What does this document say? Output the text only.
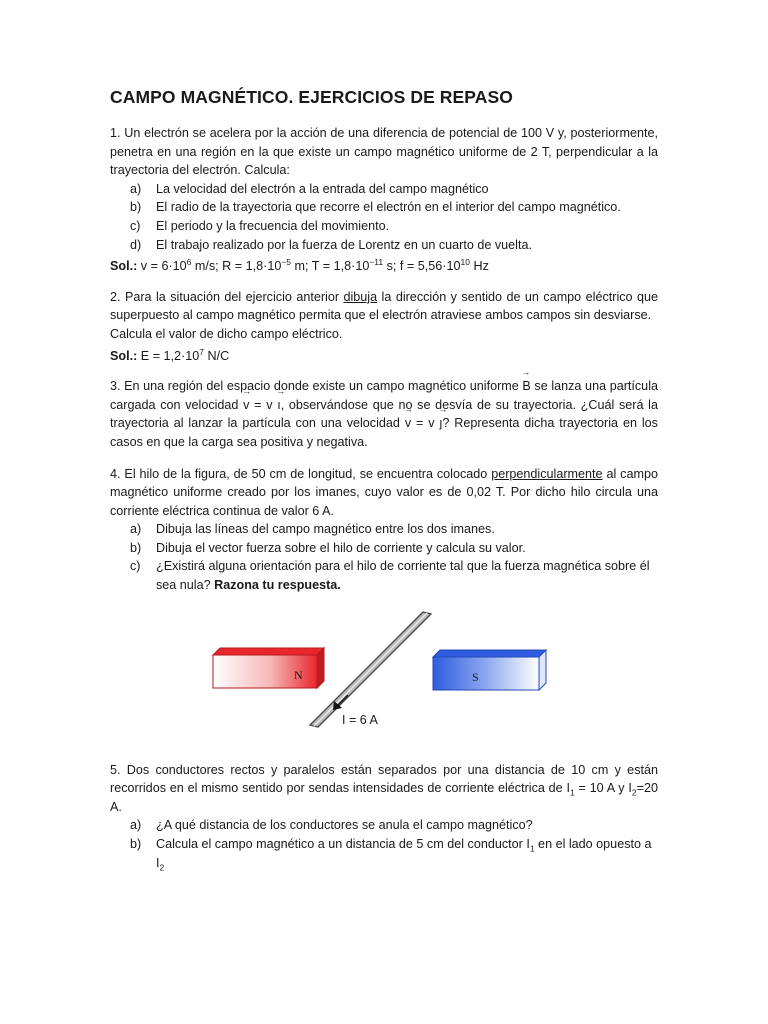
CAMPO MAGNÉTICO. EJERCICIOS DE REPASO

1. Un electrón se acelera por la acción de una diferencia de potencial de 100 V y, posteriormente, penetra en una región en la que existe un campo magnético uniforme de 2 T, perpendicular a la trayectoria del electrón. Calcula:

a) La velocidad del electrón a la entrada del campo magnético
b) El radio de la trayectoria que recorre el electrón en el interior del campo magnético.
c) El periodo y la frecuencia del movimiento.
d) El trabajo realizado por la fuerza de Lorentz en un cuarto de vuelta.

Sol.: $v = 6\cdot 10^6$ m/s; $R = 1,8\cdot 10^{-5}$ m; $T = 1,8\cdot 10^{-11}$ s; $f = 5,56\cdot 10^{10}$ Hz

2. Para la situación del ejercicio anterior dibuja la dirección y sentido de un campo eléctrico que superpuesto al campo magnético permita que el electrón atraviese ambos campos sin desviarse.

Calcula el valor de dicho campo eléctrico.

Sol.: $E = 1,2\cdot 10^7$ N/C

3. En una región del espacio donde existe un campo magnético uniforme → B se lanza una partícula cargada con velocidad → v = v → ı, observándose que no se desvía de su trayectoria. ¿Cuál será la trayectoria al lanzar la partícula con una velocidad → v = v → ȷ? Representa dicha trayectoria en los casos en que la carga sea positiva y negativa.

4. El hilo de la figura, de 50 cm de longitud, se encuentra colocado perpendicularmente al campo magnético uniforme creado por los imanes, cuyo valor es de 0,02 T. Por dicho hilo circula una corriente eléctrica continua de valor 6 A.

a) Dibuja las líneas del campo magnético entre los dos imanes.
b) Dibuja el vector fuerza sobre el hilo de corriente y calcula su valor.
c) ¿Existirá alguna orientación para el hilo de corriente tal que la fuerza magnética sobre él sea nula? Razona tu respuesta.
N	S
I = 6 A

5. Dos conductores rectos y paralelos están separados por una distancia de 10 cm y están recorridos en el mismo sentido por sendas intensidades de corriente eléctrica de $I_1 = 10$ A y $I_2=20$ A.

a) ¿A qué distancia de los conductores se anula el campo magnético?
b) Calcula el campo magnético a un distancia de 5 cm del conductor $I_1$ en el lado opuesto a $I_2$
